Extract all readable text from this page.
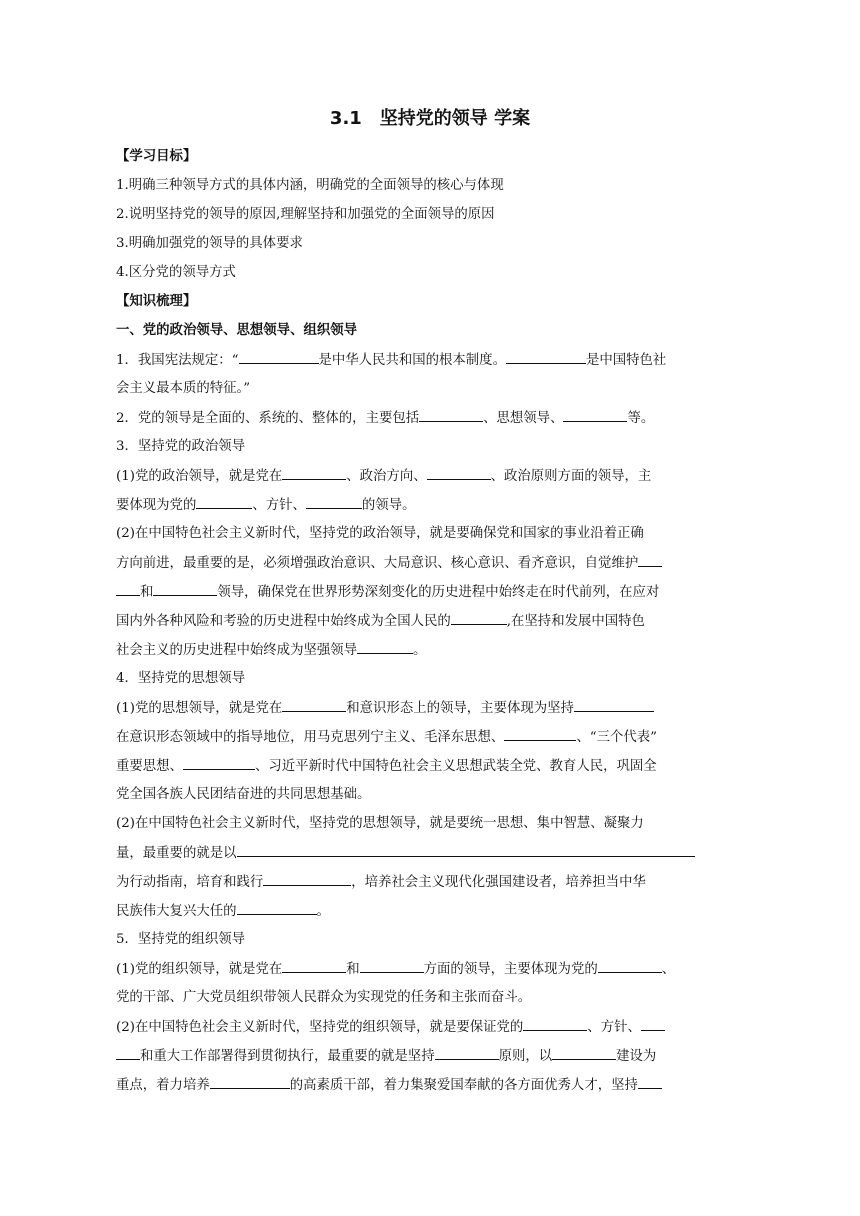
3.1　坚持党的领导 学案
【学习目标】
1.明确三种领导方式的具体内涵，明确党的全面领导的核心与体现
2.说明坚持党的领导的原因,理解坚持和加强党的全面领导的原因
3.明确加强党的领导的具体要求
4.区分党的领导方式
【知识梳理】
一、党的政治领导、思想领导、组织领导
1．我国宪法规定：“	是中华人民共和国的根本制度。	是中国特色社
会主义最本质的特征。”
2．党的领导是全面的、系统的、整体的，主要包括	、思想领导、	等。
3．坚持党的政治领导
(1)党的政治领导，就是党在	、政治方向、	、政治原则方面的领导，主
要体现为党的	、方针、	的领导。
(2)在中国特色社会主义新时代，坚持党的政治领导，就是要确保党和国家的事业沿着正确
方向前进，最重要的是，必须增强政治意识、大局意识、核心意识、看齐意识，自觉维护
和	领导，确保党在世界形势深刻变化的历史进程中始终走在时代前列，在应对
国内外各种风险和考验的历史进程中始终成为全国人民的	,在坚持和发展中国特色
社会主义的历史进程中始终成为坚强领导	。
4．坚持党的思想领导
(1)党的思想领导，就是党在	和意识形态上的领导，主要体现为坚持
在意识形态领域中的指导地位，用马克思列宁主义、毛泽东思想、	、“三个代表”
重要思想、	、习近平新时代中国特色社会主义思想武装全党、教育人民，巩固全
党全国各族人民团结奋进的共同思想基础。
(2)在中国特色社会主义新时代，坚持党的思想领导，就是要统一思想、集中智慧、凝聚力
量，最重要的就是以
为行动指南，培育和践行	，培养社会主义现代化强国建设者，培养担当中华
民族伟大复兴大任的	。
5．坚持党的组织领导
(1)党的组织领导，就是党在	和	方面的领导，主要体现为党的	、
党的干部、广大党员组织带领人民群众为实现党的任务和主张而奋斗。
(2)在中国特色社会主义新时代，坚持党的组织领导，就是要保证党的	、方针、
和重大工作部署得到贯彻执行，最重要的就是坚持	原则，以	建设为
重点，着力培养	的高素质干部，着力集聚爱国奉献的各方面优秀人才，坚持
